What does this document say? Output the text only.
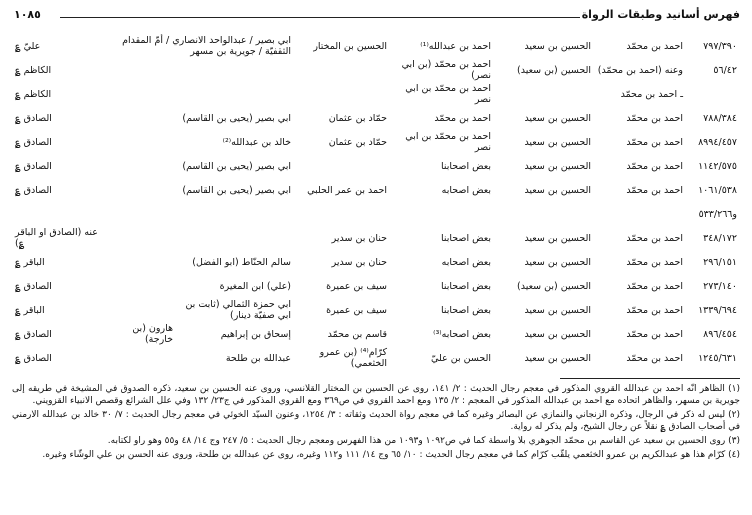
فهرس أسانيد وطبقات الرواة
١٠٨٥
٧٩٧/٣٩٠	احمد بن محمّد	الحسين بن سعيد	احمد بن عبدالله⁽¹⁾	الحسين بن المختار	ابي بصير / عبدالواحد الانصاري / أمّ المقدام الثقفيّة / جويرية بن مسهر		عليّ ؏
٥٦/٤٢	وعنه (احمد بن محمّد)	الحسين (بن سعيد)	احمد بن محمّد (بن ابي نصر)				الكاظم ؏
	ـ احمد بن محمّد		احمد بن محمّد بن ابي نصر				الكاظم ؏
٧٨٨/٣٨٤	احمد بن محمّد	الحسين بن سعيد	احمد بن محمّد	حمّاد بن عثمان	ابي بصير (يحيى بن القاسم)		الصادق ؏
٨٩٩٤/٤٥٧	احمد بن محمّد	الحسين بن سعيد	احمد بن محمّد بن ابي نصر	حمّاد بن عثمان	خالد بن عبدالله⁽²⁾		الصادق ؏
١١٤٢/٥٧٥	احمد بن محمّد	الحسين بن سعيد	بعض اصحابنا		ابي بصير (يحيى بن القاسم)		الصادق ؏
١٠٦١/٥٣٨	احمد بن محمّد	الحسين بن سعيد	بعض اصحابه	احمد بن عمر الحلبي	ابي بصير (يحيى بن القاسم)		الصادق ؏
و٥٣٣/٢٦٦							
٣٤٨/١٧٢	احمد بن محمّد	الحسين بن سعيد	بعض اصحابنا	حنان بن سدير			عنه (الصادق او الباقر ؏)
٢٩٦/١٥١	احمد بن محمّد	الحسين بن سعيد	بعض اصحابه	حنان بن سدير	سالم الحنّاط (ابو الفضل)		الباقر ؏
٢٧٣/١٤٠	احمد بن محمّد	الحسين (بن سعيد)	بعض اصحابنا	سيف بن عميرة	(علي) ابن المغيرة		الصادق ؏
١٣٣٩/٦٩٤	احمد بن محمّد	الحسين بن سعيد	بعض اصحابنا	سيف بن عميرة	ابي حمزة الثمالي (ثابت بن ابي صفيّة دينار)		الباقر ؏
٨٩٦/٤٥٤	احمد بن محمّد	الحسين بن سعيد	بعض اصحابه⁽³⁾	قاسم بن محمّد	إسحاق بن إبراهيم	هارون (بن خارجة)	الصادق ؏
١٢٤٥/٦٣١	احمد بن محمّد	الحسين بن سعيد	الحسن بن عليّ	كرّام⁽⁴⁾ (بن عمرو الخثعمي)	عبدالله بن طلحة		الصادق ؏

(١) الظاهر انّه احمد بن عبدالله القروي المذكور في معجم رجال الحديث : ٢/ ١٤١، روى عن الحسين بن المختار القلانسي، وروى عنه الحسين بن سعيد، ذكره الصدوق في المشيخة في طريقه إلى جويرية بن مسهر، والظاهر اتحاده مع احمد بن عبدالله المذكور في المعجم : ٢/ ١٣٥ ومع احمد القروي في ص٣٦٩ ومع القروي المذكور في ج٢٣/ ١٣٢ وفي علل الشرائع وقصص الانبياء القزويني.

(٢) ليس له ذكر في الرجال، وذكره الزنجاني والنمازي عن البصائر وغيره كما في معجم رواة الحديث وثقاته : ٣/ ١٢٥٤، وعنون السيّد الخوئي في معجم رجال الحديث : ٧/ ٣٠ خالد بن عبدالله الارمني في أصحاب الصادق ؏ نقلاً عن رجال الشيخ، ولم يذكر له رواية.

(٣) روى الحسين بن سعيد عن القاسم بن محمّد الجوهري بلا واسطة كما في ص١٠٩٢ و١٠٩٣ من هذا الفهرس ومعجم رجال الحديث : ٥/ ٢٤٧ وج ١٤/ ٤٨ و٥٥ وهو راو لكتابه.

(٤) كرّام هذا هو عبدالكريم بن عمرو الخثعمي يلقّب كرّام كما في معجم رجال الحديث : ١٠/ ٦٥ وج ١٤/ ١١١ و١١٢ وغيره، روى عن عبدالله بن طلحة، وروى عنه الحسن بن علي الوشّاء وغيره.
